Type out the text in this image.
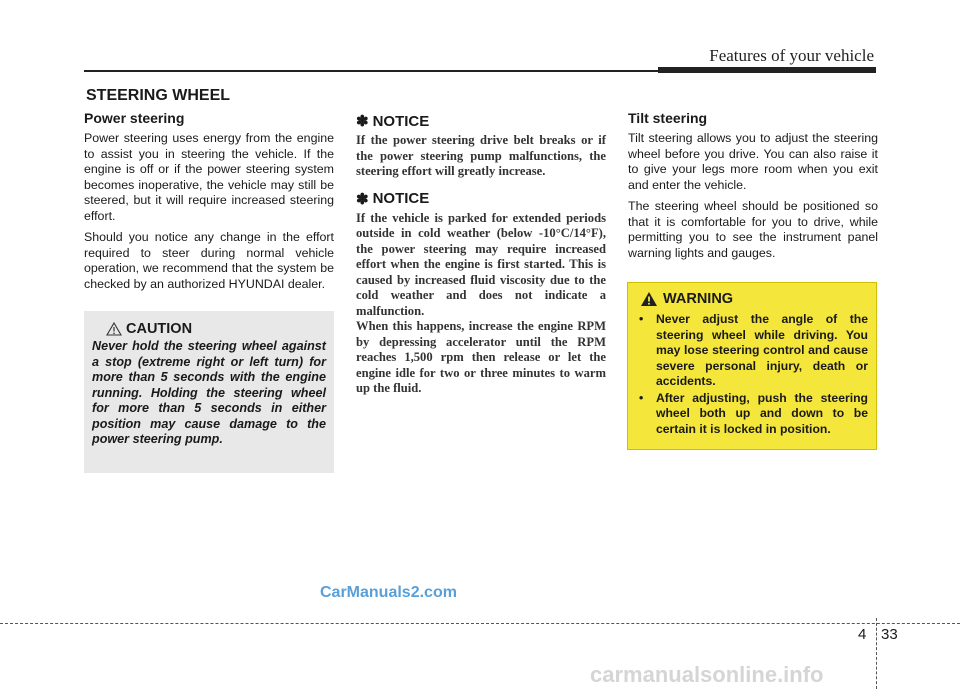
Features of your vehicle
STEERING WHEEL
Power steering

Power steering uses energy from the engine to assist you in steering the vehicle. If the engine is off or if the power steering system becomes inoperative, the vehicle may still be steered, but it will require increased steering effort.

Should you notice any change in the effort required to steer during normal vehicle operation, we recommend that the system be checked by an authorized HYUNDAI dealer.

CAUTION
Never hold the steering wheel against a stop (extreme right or left turn) for more than 5 seconds with the engine running. Holding the steering wheel for more than 5 seconds in either position may cause damage to the power steering pump.
✽ NOTICE

If the power steering drive belt breaks or if the power steering pump malfunctions, the steering effort will greatly increase.

✽ NOTICE

If the vehicle is parked for extended periods outside in cold weather (below -10°C/14°F), the power steering may require increased effort when the engine is first started. This is caused by increased fluid viscosity due to the cold weather and does not indicate a malfunction.

When this happens, increase the engine RPM by depressing accelerator until the RPM reaches 1,500 rpm then release or let the engine idle for two or three minutes to warm up the fluid.

Tilt steering

Tilt steering allows you to adjust the steering wheel before you drive. You can also raise it to give your legs more room when you exit and enter the vehicle.

The steering wheel should be positioned so that it is comfortable for you to drive, while permitting you to see the instrument panel warning lights and gauges.

WARNING
• Never adjust the angle of the steering wheel while driving. You may lose steering control and cause severe personal injury, death or accidents.
• After adjusting, push the steering wheel both up and down to be certain it is locked in position.
CarManuals2.com
4 33
carmanualsonline.info
